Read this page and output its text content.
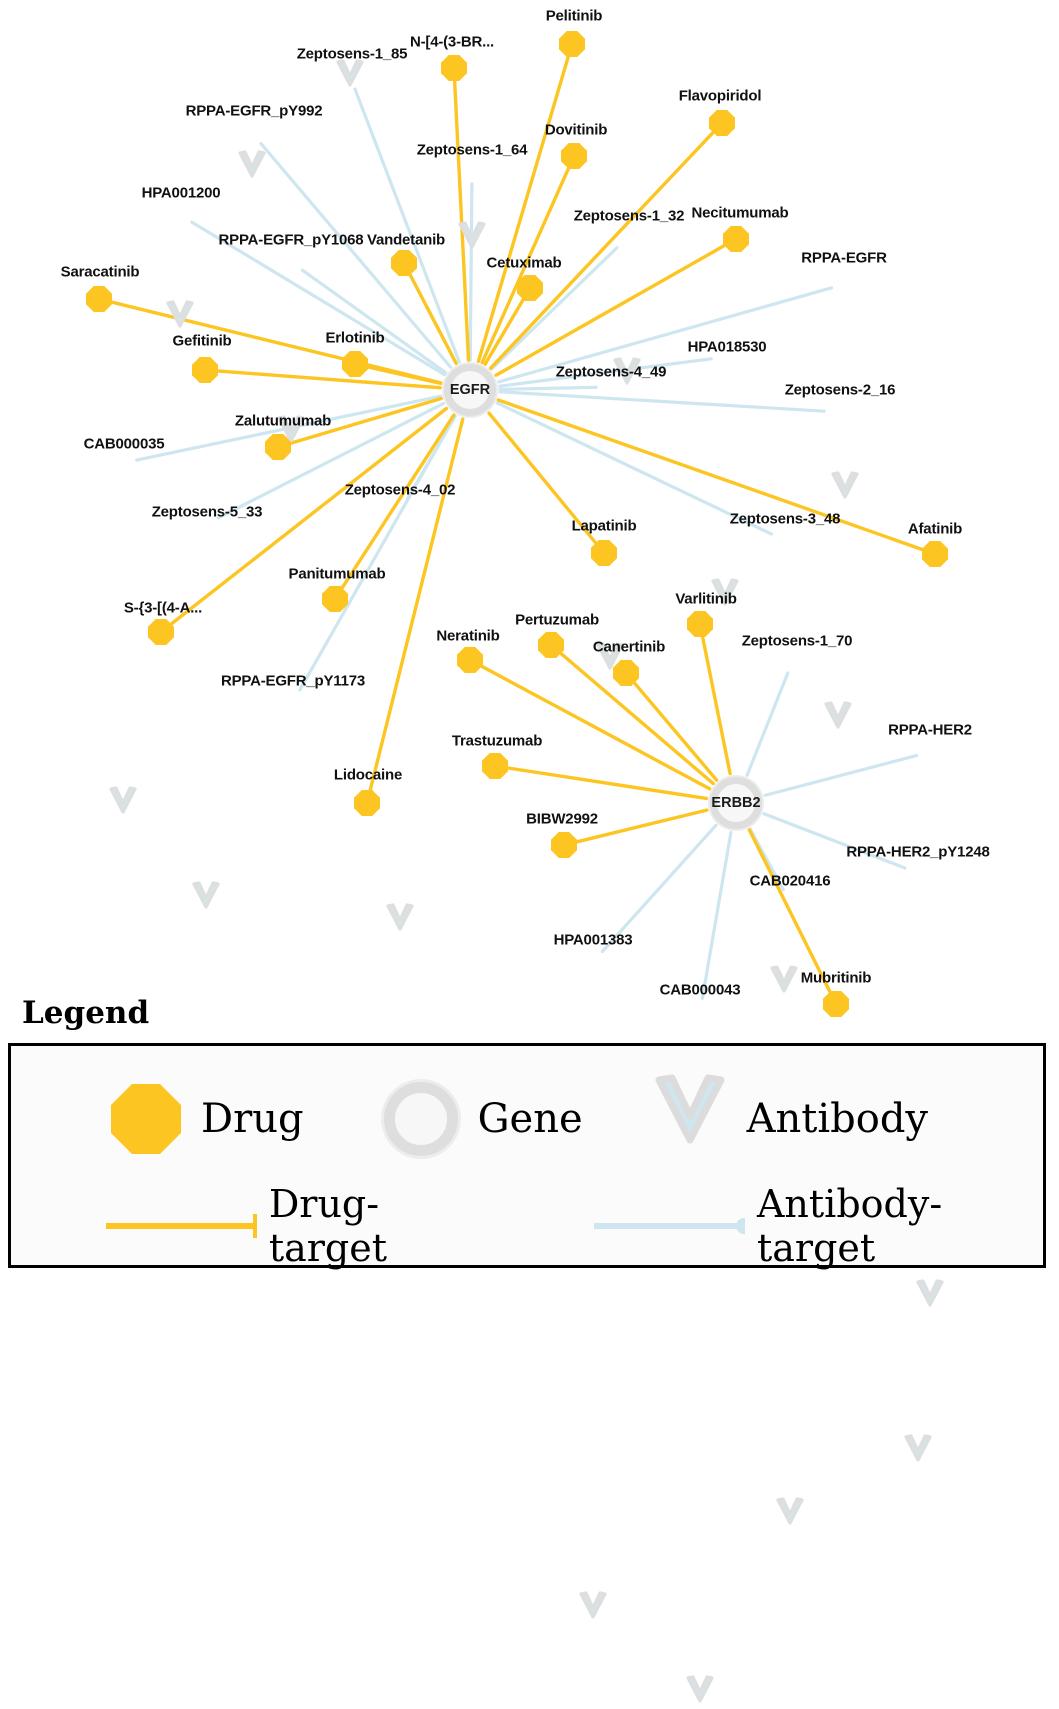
Zeptosens-1_85
RPPA-EGFR_pY992
Zeptosens-1_64
HPA001200
Zeptosens-1_32
RPPA-EGFR_pY1068
RPPA-EGFR
HPA018530
Zeptosens-4_49
Zeptosens-2_16
CAB000035
Zeptosens-5_33
Zeptosens-4_02
Zeptosens-3_48
Zeptosens-1_70
RPPA-EGFR_pY1173
RPPA-HER2
RPPA-HER2_pY1248
CAB020416
HPA001383
CAB000043
Pelitinib
N-[4-(3-BR...
Flavopiridol
Dovitinib
Necitumumab
Vandetanib
Cetuximab
Saracatinib
Erlotinib
Gefitinib
Zalutumumab
Afatinib
Lapatinib
Varlitinib
Panitumumab
S-{3-[(4-A...
Pertuzumab
Neratinib
Canertinib
Trastuzumab
Lidocaine
BIBW2992
Mubritinib
EGFR
ERBB2
Legend
Drug	Gene	Antibody
Drug-target
Antibody-target
